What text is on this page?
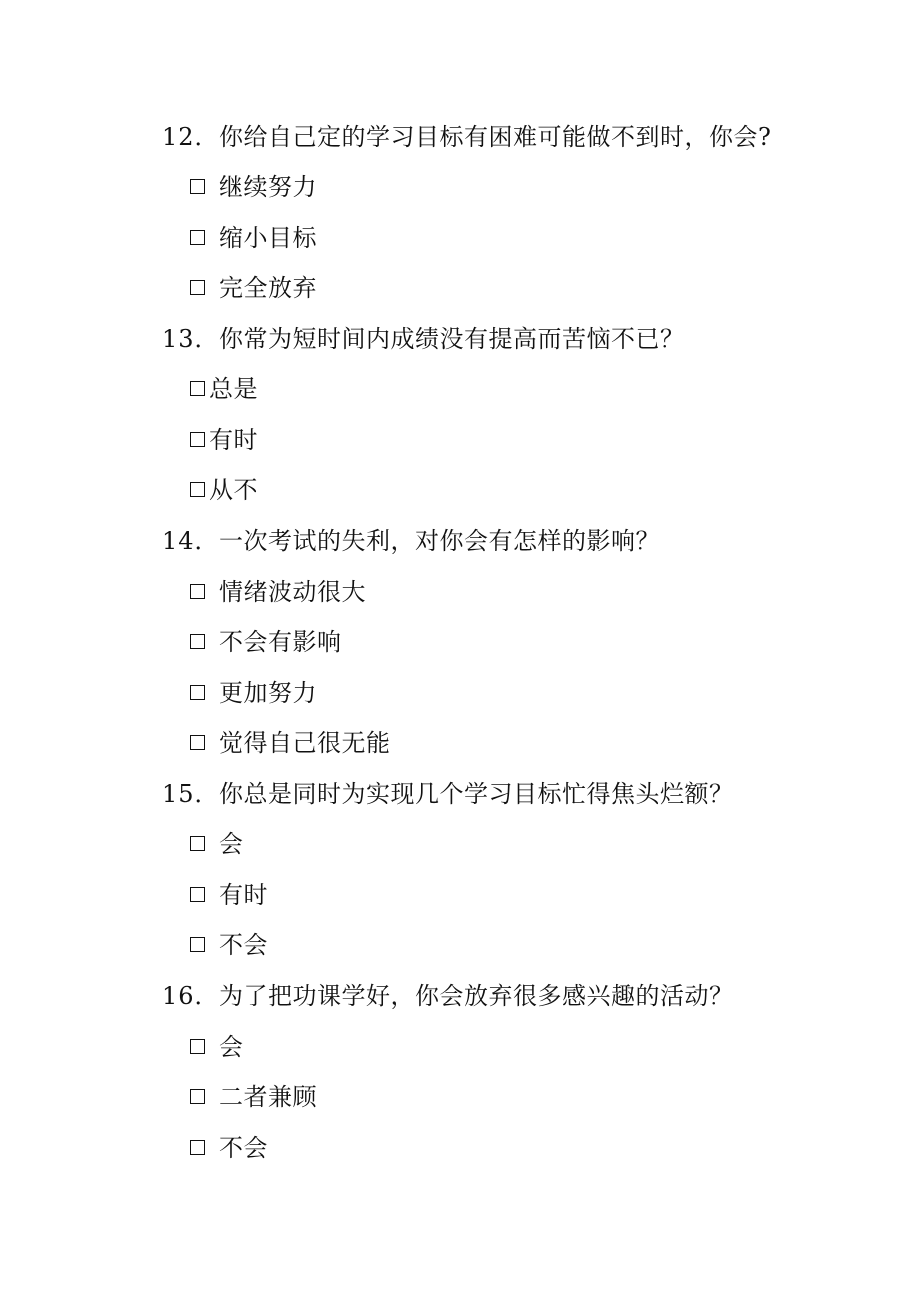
12．你给自己定的学习目标有困难可能做不到时，你会?
继续努力
缩小目标
完全放弃
13．你常为短时间内成绩没有提高而苦恼不已？
总是
有时
从不
14．一次考试的失利，对你会有怎样的影响？
情绪波动很大
不会有影响
更加努力
觉得自己很无能
15．你总是同时为实现几个学习目标忙得焦头烂额？
会
有时
不会
16．为了把功课学好，你会放弃很多感兴趣的活动？
会
二者兼顾
不会
